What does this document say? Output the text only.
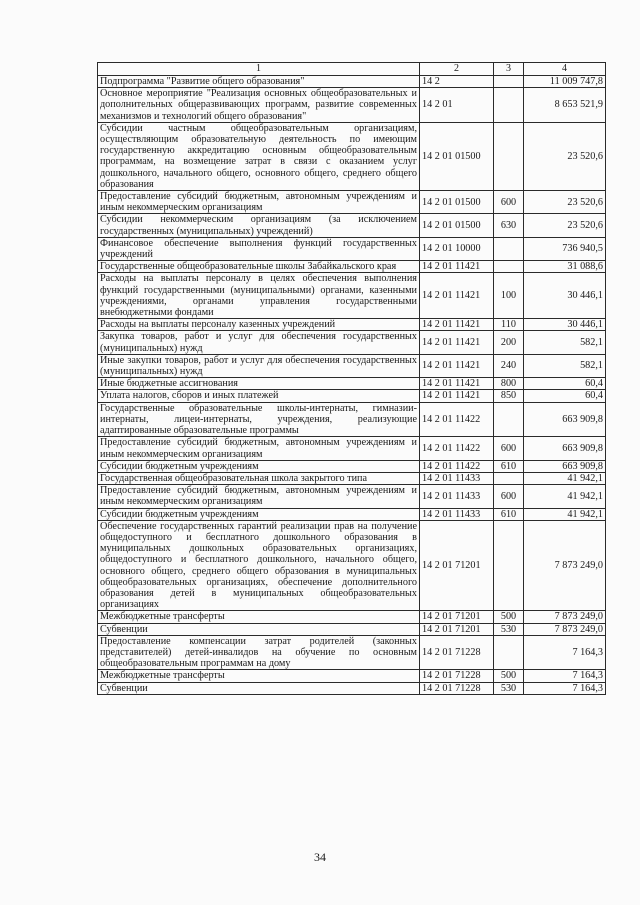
1	2	3	4
Подпрограмма "Развитие общего образования"	14 2		11 009 747,8
Основное мероприятие "Реализация основных общеобразовательных и дополнительных общеразвивающих программ, развитие современных механизмов и технологий общего образования"	14 2 01		8 653 521,9
Субсидии частным общеобразовательным организациям, осуществляющим образовательную деятельность по имеющим государственную аккредитацию основным общеобразовательным программам, на возмещение затрат в связи с оказанием услуг дошкольного, начального общего, основного общего, среднего общего образования	14 2 01 01500		23 520,6
Предоставление субсидий бюджетным, автономным учреждениям и иным некоммерческим организациям	14 2 01 01500	600	23 520,6
Субсидии некоммерческим организациям (за исключением государственных (муниципальных) учреждений)	14 2 01 01500	630	23 520,6
Финансовое обеспечение выполнения функций государственных учреждений	14 2 01 10000		736 940,5
Государственные общеобразовательные школы Забайкальского края	14 2 01 11421		31 088,6
Расходы на выплаты персоналу в целях обеспечения выполнения функций государственными (муниципальными) органами, казенными учреждениями, органами управления государственными внебюджетными фондами	14 2 01 11421	100	30 446,1
Расходы на выплаты персоналу казенных учреждений	14 2 01 11421	110	30 446,1
Закупка товаров, работ и услуг для обеспечения государственных (муниципальных) нужд	14 2 01 11421	200	582,1
Иные закупки товаров, работ и услуг для обеспечения государственных (муниципальных) нужд	14 2 01 11421	240	582,1
Иные бюджетные ассигнования	14 2 01 11421	800	60,4
Уплата налогов, сборов и иных платежей	14 2 01 11421	850	60,4
Государственные образовательные школы-интернаты, гимназии-интернаты, лицеи-интернаты, учреждения, реализующие адаптированные образовательные программы	14 2 01 11422		663 909,8
Предоставление субсидий бюджетным, автономным учреждениям и иным некоммерческим организациям	14 2 01 11422	600	663 909,8
Субсидии бюджетным учреждениям	14 2 01 11422	610	663 909,8
Государственная общеобразовательная школа закрытого типа	14 2 01 11433		41 942,1
Предоставление субсидий бюджетным, автономным учреждениям и иным некоммерческим организациям	14 2 01 11433	600	41 942,1
Субсидии бюджетным учреждениям	14 2 01 11433	610	41 942,1
Обеспечение государственных гарантий реализации прав на получение общедоступного и бесплатного дошкольного образования в муниципальных дошкольных образовательных организациях, общедоступного и бесплатного дошкольного, начального общего, основного общего, среднего общего образования в муниципальных общеобразовательных организациях, обеспечение дополнительного образования детей в муниципальных общеобразовательных организациях	14 2 01 71201		7 873 249,0
Межбюджетные трансферты	14 2 01 71201	500	7 873 249,0
Субвенции	14 2 01 71201	530	7 873 249,0
Предоставление компенсации затрат родителей (законных представителей) детей-инвалидов на обучение по основным общеобразовательным программам на дому	14 2 01 71228		7 164,3
Межбюджетные трансферты	14 2 01 71228	500	7 164,3
Субвенции	14 2 01 71228	530	7 164,3
34
